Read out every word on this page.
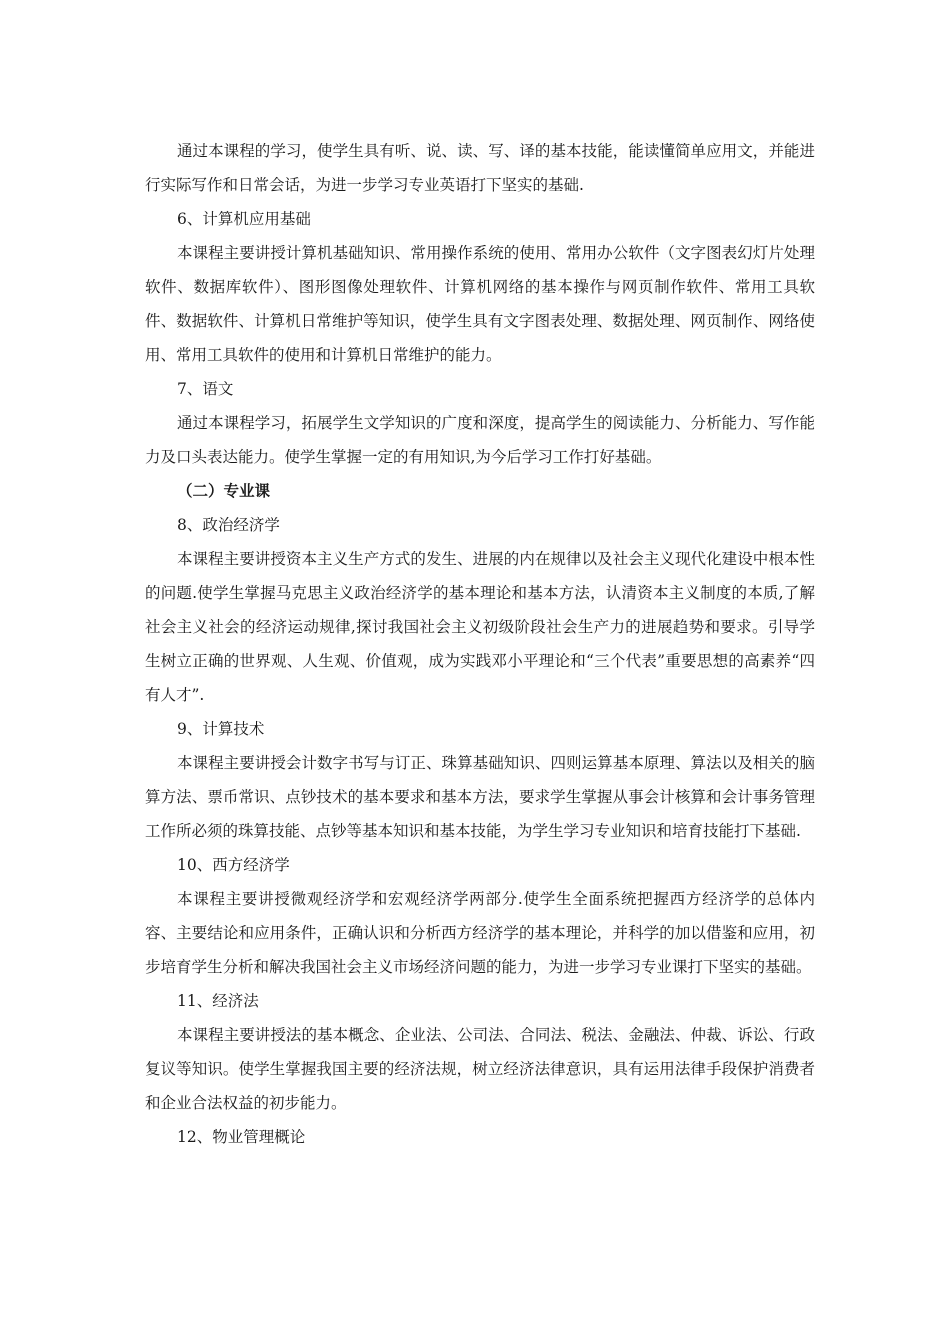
通过本课程的学习，使学生具有听、说、读、写、译的基本技能，能读懂简单应用文，并能进行实际写作和日常会话，为进一步学习专业英语打下坚实的基础.

6、计算机应用基础

本课程主要讲授计算机基础知识、常用操作系统的使用、常用办公软件（文字图表幻灯片处理软件、数据库软件）、图形图像处理软件、计算机网络的基本操作与网页制作软件、常用工具软件、数据软件、计算机日常维护等知识，使学生具有文字图表处理、数据处理、网页制作、网络使用、常用工具软件的使用和计算机日常维护的能力。

7、语文

通过本课程学习，拓展学生文学知识的广度和深度，提高学生的阅读能力、分析能力、写作能力及口头表达能力。使学生掌握一定的有用知识,为今后学习工作打好基础。

（二）专业课

8、政治经济学

本课程主要讲授资本主义生产方式的发生、进展的内在规律以及社会主义现代化建设中根本性的问题.使学生掌握马克思主义政治经济学的基本理论和基本方法，认清资本主义制度的本质,了解社会主义社会的经济运动规律,探讨我国社会主义初级阶段社会生产力的进展趋势和要求。引导学生树立正确的世界观、人生观、价值观，成为实践邓小平理论和“三个代表”重要思想的高素养“四有人才”.

9、计算技术

本课程主要讲授会计数字书写与订正、珠算基础知识、四则运算基本原理、算法以及相关的脑算方法、票币常识、点钞技术的基本要求和基本方法，要求学生掌握从事会计核算和会计事务管理工作所必须的珠算技能、点钞等基本知识和基本技能，为学生学习专业知识和培育技能打下基础.

10、西方经济学

本课程主要讲授微观经济学和宏观经济学两部分.使学生全面系统把握西方经济学的总体内容、主要结论和应用条件，正确认识和分析西方经济学的基本理论，并科学的加以借鉴和应用，初步培育学生分析和解决我国社会主义市场经济问题的能力，为进一步学习专业课打下坚实的基础。

11、经济法

本课程主要讲授法的基本概念、企业法、公司法、合同法、税法、金融法、仲裁、诉讼、行政复议等知识。使学生掌握我国主要的经济法规，树立经济法律意识，具有运用法律手段保护消费者和企业合法权益的初步能力。

12、物业管理概论
